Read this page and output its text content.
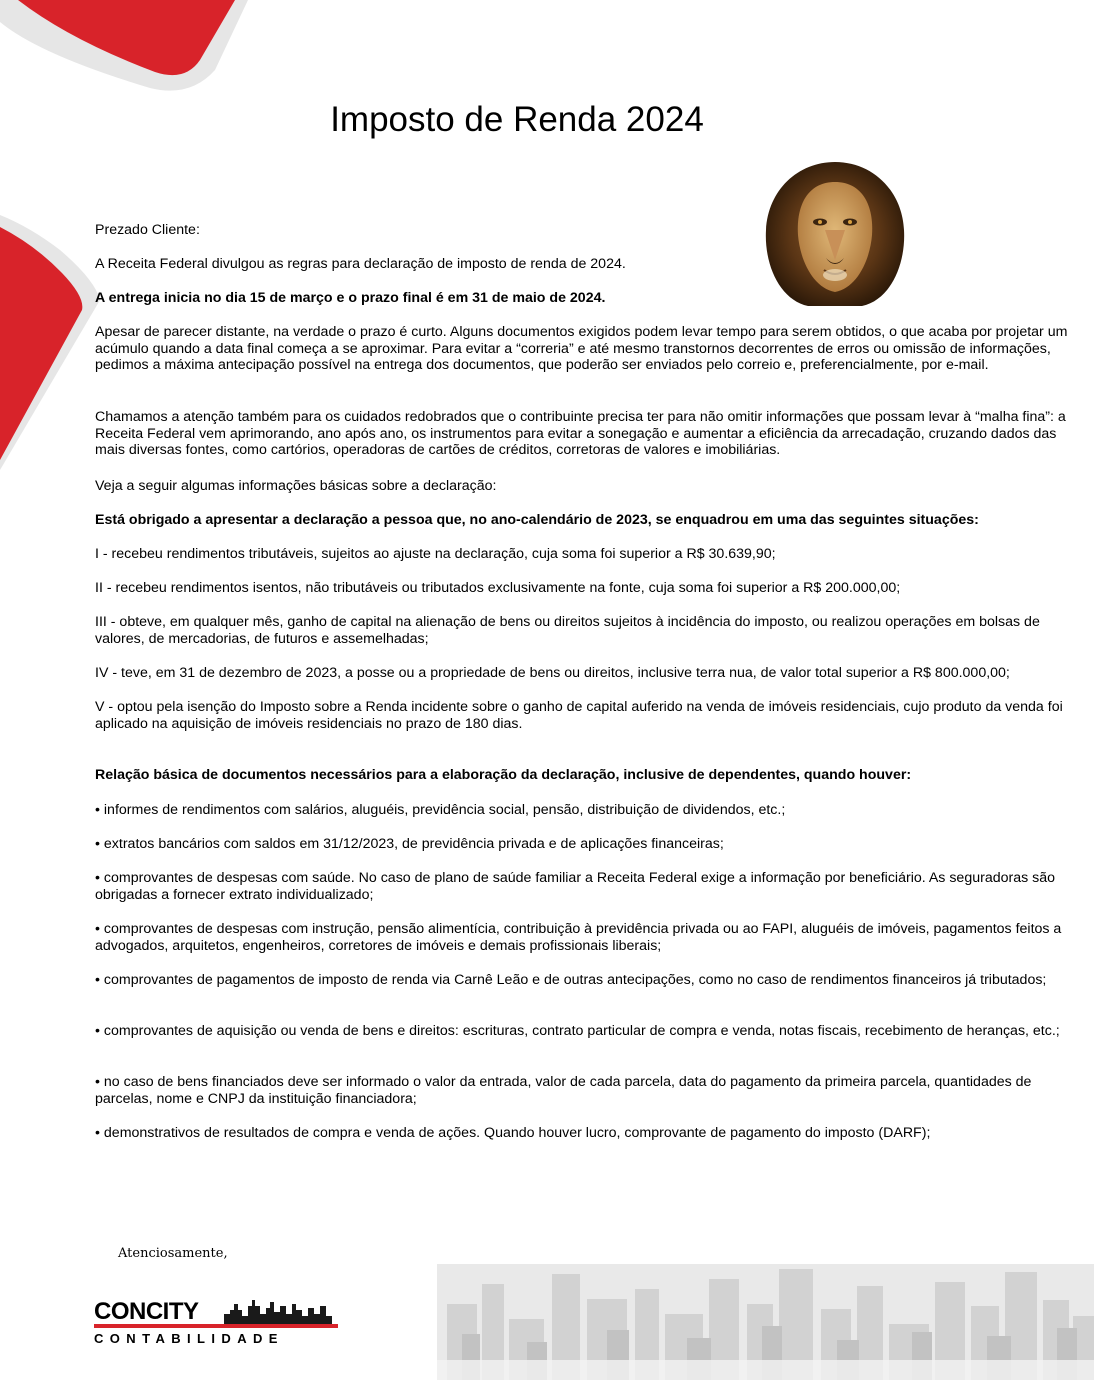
Imposto de Renda 2024

Prezado Cliente:

A Receita Federal divulgou as regras para declaração de imposto de renda de 2024.

A entrega inicia no dia 15 de março e o prazo final é em 31 de maio de 2024.

Apesar de parecer distante, na verdade o prazo é curto. Alguns documentos exigidos podem levar tempo para serem obtidos, o que acaba por projetar um acúmulo quando a data final começa a se aproximar. Para evitar a “correria” e até mesmo transtornos decorrentes de erros ou omissão de informações, pedimos a máxima antecipação possível na entrega dos documentos, que poderão ser enviados pelo correio e, preferencialmente, por e-mail.

Chamamos a atenção também para os cuidados redobrados que o contribuinte precisa ter para não omitir informações que possam levar à “malha fina”: a Receita Federal vem aprimorando, ano após ano, os instrumentos para evitar a sonegação e aumentar a eficiência da arrecadação, cruzando dados das mais diversas fontes, como cartórios, operadoras de cartões de créditos, corretoras de valores e imobiliárias.

Veja a seguir algumas informações básicas sobre a declaração:

Está obrigado a apresentar a declaração a pessoa que, no ano-calendário de 2023, se enquadrou em uma das seguintes situações:

I - recebeu rendimentos tributáveis, sujeitos ao ajuste na declaração, cuja soma foi superior a R$ 30.639,90;

II - recebeu rendimentos isentos, não tributáveis ou tributados exclusivamente na fonte, cuja soma foi superior a R$ 200.000,00;

III - obteve, em qualquer mês, ganho de capital na alienação de bens ou direitos sujeitos à incidência do imposto, ou realizou operações em bolsas de valores, de mercadorias, de futuros e assemelhadas;

IV - teve, em 31 de dezembro de 2023, a posse ou a propriedade de bens ou direitos, inclusive terra nua, de valor total superior a R$ 800.000,00;

V - optou pela isenção do Imposto sobre a Renda incidente sobre o ganho de capital auferido na venda de imóveis residenciais, cujo produto da venda foi aplicado na aquisição de imóveis residenciais no prazo de 180 dias.

Relação básica de documentos necessários para a elaboração da declaração, inclusive de dependentes, quando houver:

• informes de rendimentos com salários, aluguéis, previdência social, pensão, distribuição de dividendos, etc.;

• extratos bancários com saldos em 31/12/2023, de previdência privada e de aplicações financeiras;

• comprovantes de despesas com saúde. No caso de plano de saúde familiar a Receita Federal exige a informação por beneficiário. As seguradoras são obrigadas a fornecer extrato individualizado;

• comprovantes de despesas com instrução, pensão alimentícia, contribuição à previdência privada ou ao FAPI, aluguéis de imóveis, pagamentos feitos a advogados, arquitetos, engenheiros, corretores de imóveis e demais profissionais liberais;

• comprovantes de pagamentos de imposto de renda via Carnê Leão e de outras antecipações, como no caso de rendimentos financeiros já tributados;

• comprovantes de aquisição ou venda de bens e direitos: escrituras, contrato particular de compra e venda, notas fiscais, recebimento de heranças, etc.;

• no caso de bens financiados deve ser informado o valor da entrada, valor de cada parcela, data do pagamento da primeira parcela, quantidades de parcelas, nome e CNPJ da instituição financiadora;

• demonstrativos de resultados de compra e venda de ações. Quando houver lucro, comprovante de pagamento do imposto (DARF);

Atenciosamente,
CONCITY
CONTABILIDADE
